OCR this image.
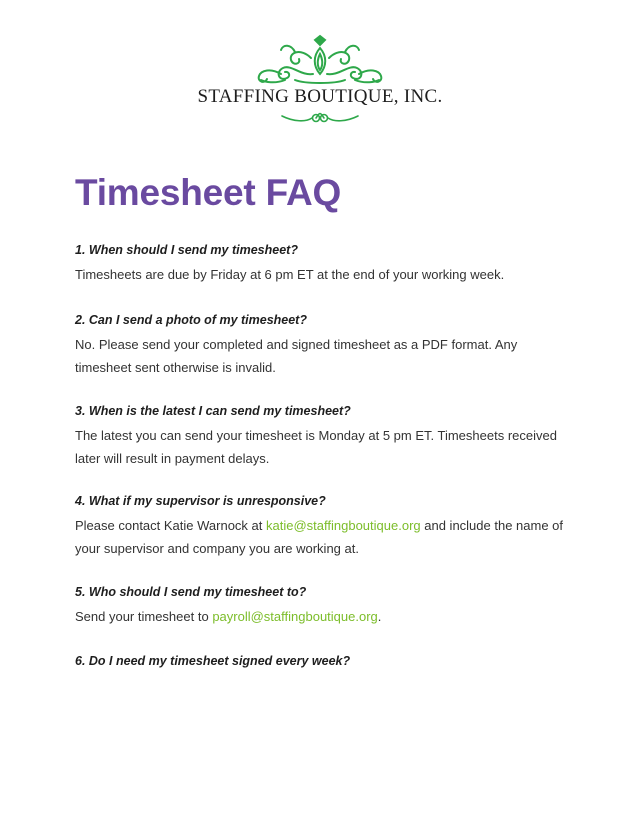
STAFFING BOUTIQUE, INC.
Timesheet FAQ

1. When should I send my timesheet?

Timesheets are due by Friday at 6 pm ET at the end of your working week.

2. Can I send a photo of my timesheet?

No. Please send your completed and signed timesheet as a PDF format. Any timesheet sent otherwise is invalid.

3. When is the latest I can send my timesheet?

The latest you can send your timesheet is Monday at 5 pm ET. Timesheets received later will result in payment delays.

4. What if my supervisor is unresponsive?

Please contact Katie Warnock at katie@staffingboutique.org and include the name of your supervisor and company you are working at.

5. Who should I send my timesheet to?

Send your timesheet to payroll@staffingboutique.org.

6. Do I need my timesheet signed every week?
